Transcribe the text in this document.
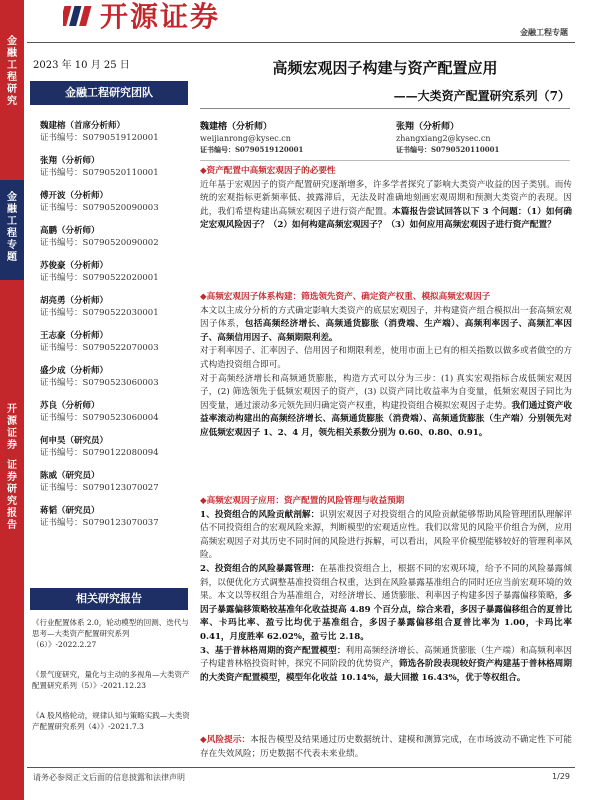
开源证券	金融工程专题
金融工程研究
金融工程专题
开源证券
证券研究报告
2023 年 10 月 25 日
金融工程研究团队
魏建榕（首席分析师）
证书编号：S0790519120001
张翔（分析师）
证书编号：S0790520110001
傅开波（分析师）
证书编号：S0790520090003
高鹏（分析师）
证书编号：S0790520090002
苏俊豪（分析师）
证书编号：S0790522020001
胡亮勇（分析师）
证书编号：S0790522030001
王志豪（分析师）
证书编号：S0790522070003
盛少成（分析师）
证书编号：S0790523060003
苏良（分析师）
证书编号：S0790523060004
何申昊（研究员）
证书编号：S0790122080094
陈威（研究员）
证书编号：S0790123070027
蒋韬（研究员）
证书编号：S0790123070037
相关研究报告
《行业配置体系 2.0，轮动模型的回测、迭代与思考—大类资产配置研究系列（6）》-2022.2.27
《景气度研究，量化与主动的多视角—大类资产配置研究系列（5）》-2021.12.23
《A 股风格轮动，规律认知与策略实践—大类资产配置研究系列（4）》-2021.7.3
高频宏观因子构建与资产配置应用
——大类资产配置研究系列（7）
魏建榕（分析师）
weijianrong@kysec.cn
证书编号：S0790519120001
张翔（分析师）
zhangxiang2@kysec.cn
证书编号：S0790520110001
◆ 资产配置中高频宏观因子的必要性

近年基于宏观因子的资产配置研究逐渐增多，许多学者探究了影响大类资产收益的因子类别。而传统的宏观指标更新频率低、披露滞后，无法及时准确地刻画宏观周期和预测大类资产的表现。因此，我们希望构建出高频宏观因子进行资产配置。本篇报告尝试回答以下 3 个问题：（1）如何确定宏观风险因子？（2）如何构建高频宏观因子？（3）如何应用高频宏观因子进行资产配置？

◆ 高频宏观因子体系构建：筛选领先资产、确定资产权重、模拟高频宏观因子

本文以主成分分析的方式确定影响大类资产的底层宏观因子，并构建资产组合模拟出一套高频宏观因子体系，包括高频经济增长、高频通货膨胀（消费端、生产端）、高频利率因子、高频汇率因子、高频信用因子、高频期限利差。

对于利率因子、汇率因子、信用因子和期限利差，使用市面上已有的相关指数以做多或者做空的方式构造投资组合即可。

对于高频经济增长和高频通货膨胀，构造方式可以分为三步：(1) 真实宏观指标合成低频宏观因子，(2) 筛选领先于低频宏观因子的资产，(3) 以资产同比收益率为自变量，低频宏观因子同比为因变量，通过滚动多元领先回归确定资产权重，构建投资组合模拟宏观因子走势。我们通过资产收益率滚动构建出的高频经济增长、高频通货膨胀（消费端）、高频通货膨胀（生产端）分别领先对应低频宏观因子 1、2、4 月，领先相关系数分别为 0.60、0.80、0.91。

◆ 高频宏观因子应用：资产配置的风险管理与收益预期

1、投资组合的风险贡献剖解：识别宏观因子对投资组合的风险贡献能够帮助风险管理团队理解评估不同投资组合的宏观风险来源，判断模型的宏观适应性。我们以常见的风险平价组合为例，应用高频宏观因子对其历史不同时间的风险进行拆解，可以看出，风险平价模型能够较好的管理利率风险。

2、投资组合的风险暴露管理：在基准投资组合上，根据不同的宏观环境，给予不同的风险暴露倾斜，以便优化方式调整基准投资组合权重，达到在风险暴露基准组合的同时还应当前宏观环境的效果。本文以等权组合为基准组合，对经济增长、通货膨胀、利率因子构建多因子暴露偏移策略，多因子暴露偏移策略较基准年化收益提高 4.89 个百分点，综合来看，多因子暴露偏移组合的夏普比率、卡玛比率、盈亏比均优于基准组合，多因子暴露偏移组合夏普比率为 1.00，卡玛比率 0.41，月度胜率 62.02%，盈亏比 2.18。

3、基于普林格周期的资产配置模型：利用高频经济增长、高频通货膨胀（生产端）和高频利率因子构建普林格投资时钟，探究不同阶段的优势资产，筛选各阶段表现较好资产构建基于普林格周期的大类资产配置模型，模型年化收益 10.14%，最大回撤 16.43%，优于等权组合。

◆ 风险提示：本报告模型及结果通过历史数据统计、建模和测算完成，在市场波动不确定性下可能存在失效风险；历史数据不代表未来业绩。

请务必参阅正文后面的信息披露和法律声明	1/29
